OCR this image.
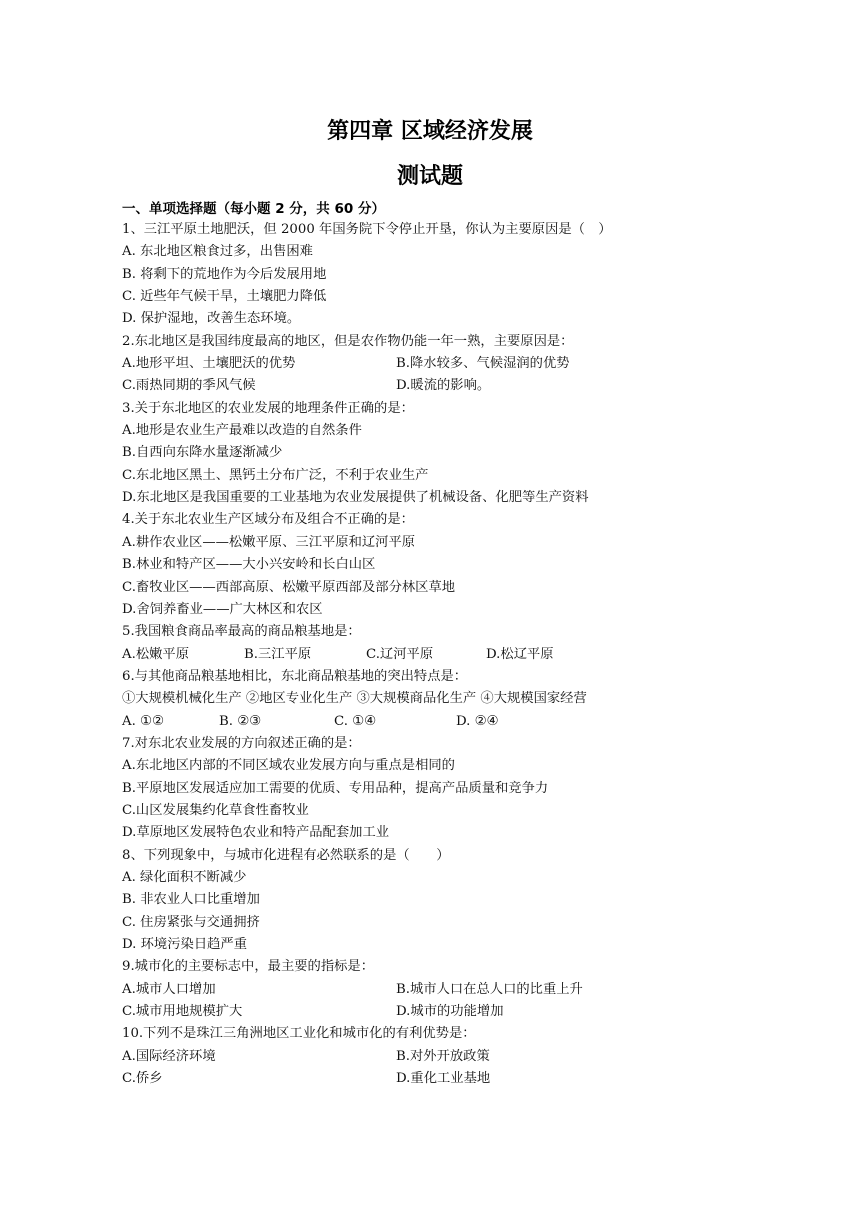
第四章 区域经济发展
测试题
一、单项选择题（每小题 2 分，共 60 分）
1、三江平原土地肥沃，但 2000 年国务院下令停止开垦，你认为主要原因是（　）
A. 东北地区粮食过多，出售困难
B. 将剩下的荒地作为今后发展用地
C. 近些年气候干旱，土壤肥力降低
D. 保护湿地，改善生态环境。
2.东北地区是我国纬度最高的地区，但是农作物仍能一年一熟，主要原因是：
A.地形平坦、土壤肥沃的优势	B.降水较多、气候湿润的优势
C.雨热同期的季风气候	D.暖流的影响。
3.关于东北地区的农业发展的地理条件正确的是：
A.地形是农业生产最难以改造的自然条件
B.自西向东降水量逐渐减少
C.东北地区黑土、黑钙土分布广泛，不利于农业生产
D.东北地区是我国重要的工业基地为农业发展提供了机械设备、化肥等生产资料
4.关于东北农业生产区域分布及组合不正确的是：
A.耕作农业区——松嫩平原、三江平原和辽河平原
B.林业和特产区——大小兴安岭和长白山区
C.畜牧业区——西部高原、松嫩平原西部及部分林区草地
D.舍饲养畜业——广大林区和农区
5.我国粮食商品率最高的商品粮基地是：
A.松嫩平原	B.三江平原	C.辽河平原	D.松辽平原
6.与其他商品粮基地相比，东北商品粮基地的突出特点是：
①大规模机械化生产 ②地区专业化生产 ③大规模商品化生产 ④大规模国家经营
A. ①②	B. ②③	C. ①④	D. ②④
7.对东北农业发展的方向叙述正确的是：
A.东北地区内部的不同区域农业发展方向与重点是相同的
B.平原地区发展适应加工需要的优质、专用品种，提高产品质量和竞争力
C.山区发展集约化草食性畜牧业
D.草原地区发展特色农业和特产品配套加工业
8、下列现象中，与城市化进程有必然联系的是（　　）
A. 绿化面积不断减少
B. 非农业人口比重增加
C. 住房紧张与交通拥挤
D. 环境污染日趋严重
9.城市化的主要标志中，最主要的指标是：
A.城市人口增加	B.城市人口在总人口的比重上升
C.城市用地规模扩大	D.城市的功能增加
10.下列不是珠江三角洲地区工业化和城市化的有利优势是：
A.国际经济环境	B.对外开放政策
C.侨乡	D.重化工业基地
